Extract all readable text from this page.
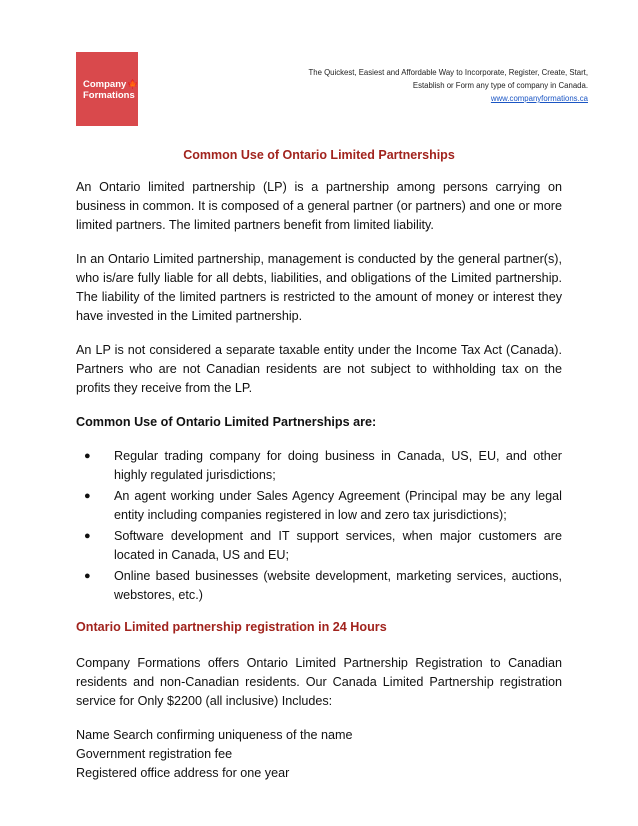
Company🍁
Formations
The Quickest, Easiest and Affordable Way to Incorporate, Register, Create, Start,
Establish or Form any type of company in Canada.
www.companyformations.ca
Common Use of Ontario Limited Partnerships

An Ontario limited partnership (LP) is a partnership among persons carrying on business in common. It is composed of a general partner (or partners) and one or more limited partners. The limited partners benefit from limited liability.

In an Ontario Limited partnership, management is conducted by the general partner(s), who is/are fully liable for all debts, liabilities, and obligations of the Limited partnership. The liability of the limited partners is restricted to the amount of money or interest they have invested in the Limited partnership.

An LP is not considered a separate taxable entity under the Income Tax Act (Canada). Partners who are not Canadian residents are not subject to withholding tax on the profits they receive from the LP.

Common Use of Ontario Limited Partnerships are:
● Regular trading company for doing business in Canada, US, EU, and other highly regulated jurisdictions;
● An agent working under Sales Agency Agreement (Principal may be any legal entity including companies registered in low and zero tax jurisdictions);
● Software development and IT support services, when major customers are located in Canada, US and EU;
● Online based businesses (website development, marketing services, auctions, webstores, etc.)
Ontario Limited partnership registration in 24 Hours

Company Formations offers Ontario Limited Partnership Registration to Canadian residents and non-Canadian residents. Our Canada Limited Partnership registration service for Only $2200 (all inclusive) Includes:

Name Search confirming uniqueness of the name
Government registration fee
Registered office address for one year
